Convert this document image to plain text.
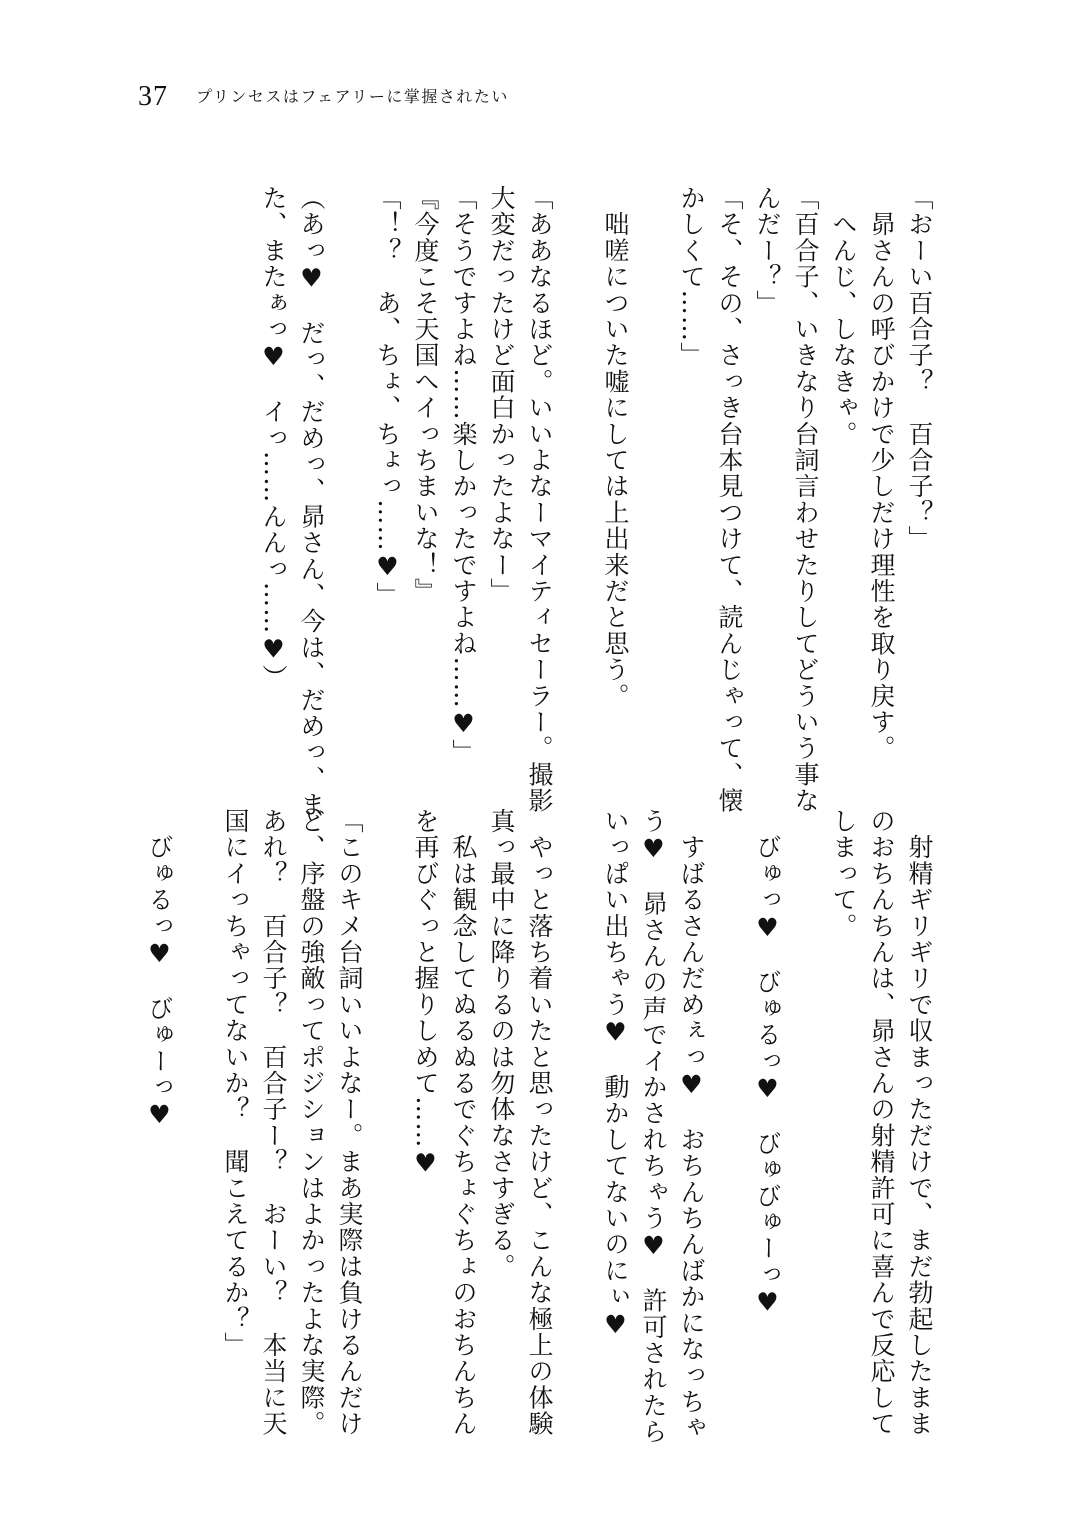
37 プリンセスはフェアリーに掌握されたい
「おーい百合子？　百合子？」
　昴さんの呼びかけで少しだけ理性を取り戻す。
　へんじ、しなきゃ。
「百合子、いきなり台詞言わせたりしてどういう事な
んだー？」
「そ、その、さっき台本見つけて、読んじゃって、懐
かしくて……」

　咄嗟についた嘘にしては上出来だと思う。

「ああなるほど。いいよなーマイティセーラー。撮影
大変だったけど面白かったよなー」
「そうですよね……楽しかったですよね……♥」
『今度こそ天国へイっちまいな！』
「！？　あ、ちょ、ちょっ……♥」

（あっ♥　だっ、だめっ、昴さん、今は、だめっ、ま
た、またぁっ♥　イっ……んんっ……♥）
　射精ギリギリで収まっただけで、まだ勃起したまま
のおちんちんは、昴さんの射精許可に喜んで反応して
しまって。

　びゅっ♥　びゅるっ♥　びゅびゅーっ♥

　すばるさんだめぇっ♥　おちんちんばかになっちゃ
う♥　昴さんの声でイかされちゃう♥　許可されたら
いっぱい出ちゃう♥　動かしてないのにぃ♥

　やっと落ち着いたと思ったけど、こんな極上の体験
真っ最中に降りるのは勿体なさすぎる。
　私は観念してぬるぬるでぐちょぐちょのおちんちん
を再びぐっと握りしめて……♥

「このキメ台詞いいよなー。まあ実際は負けるんだけ
ど、序盤の強敵ってポジションはよかったよな実際。
あれ？　百合子？　百合子ー？　おーい？　本当に天
国にイっちゃってないか？　聞こえてるか？」

　びゅるっ♥　びゅーっ♥
